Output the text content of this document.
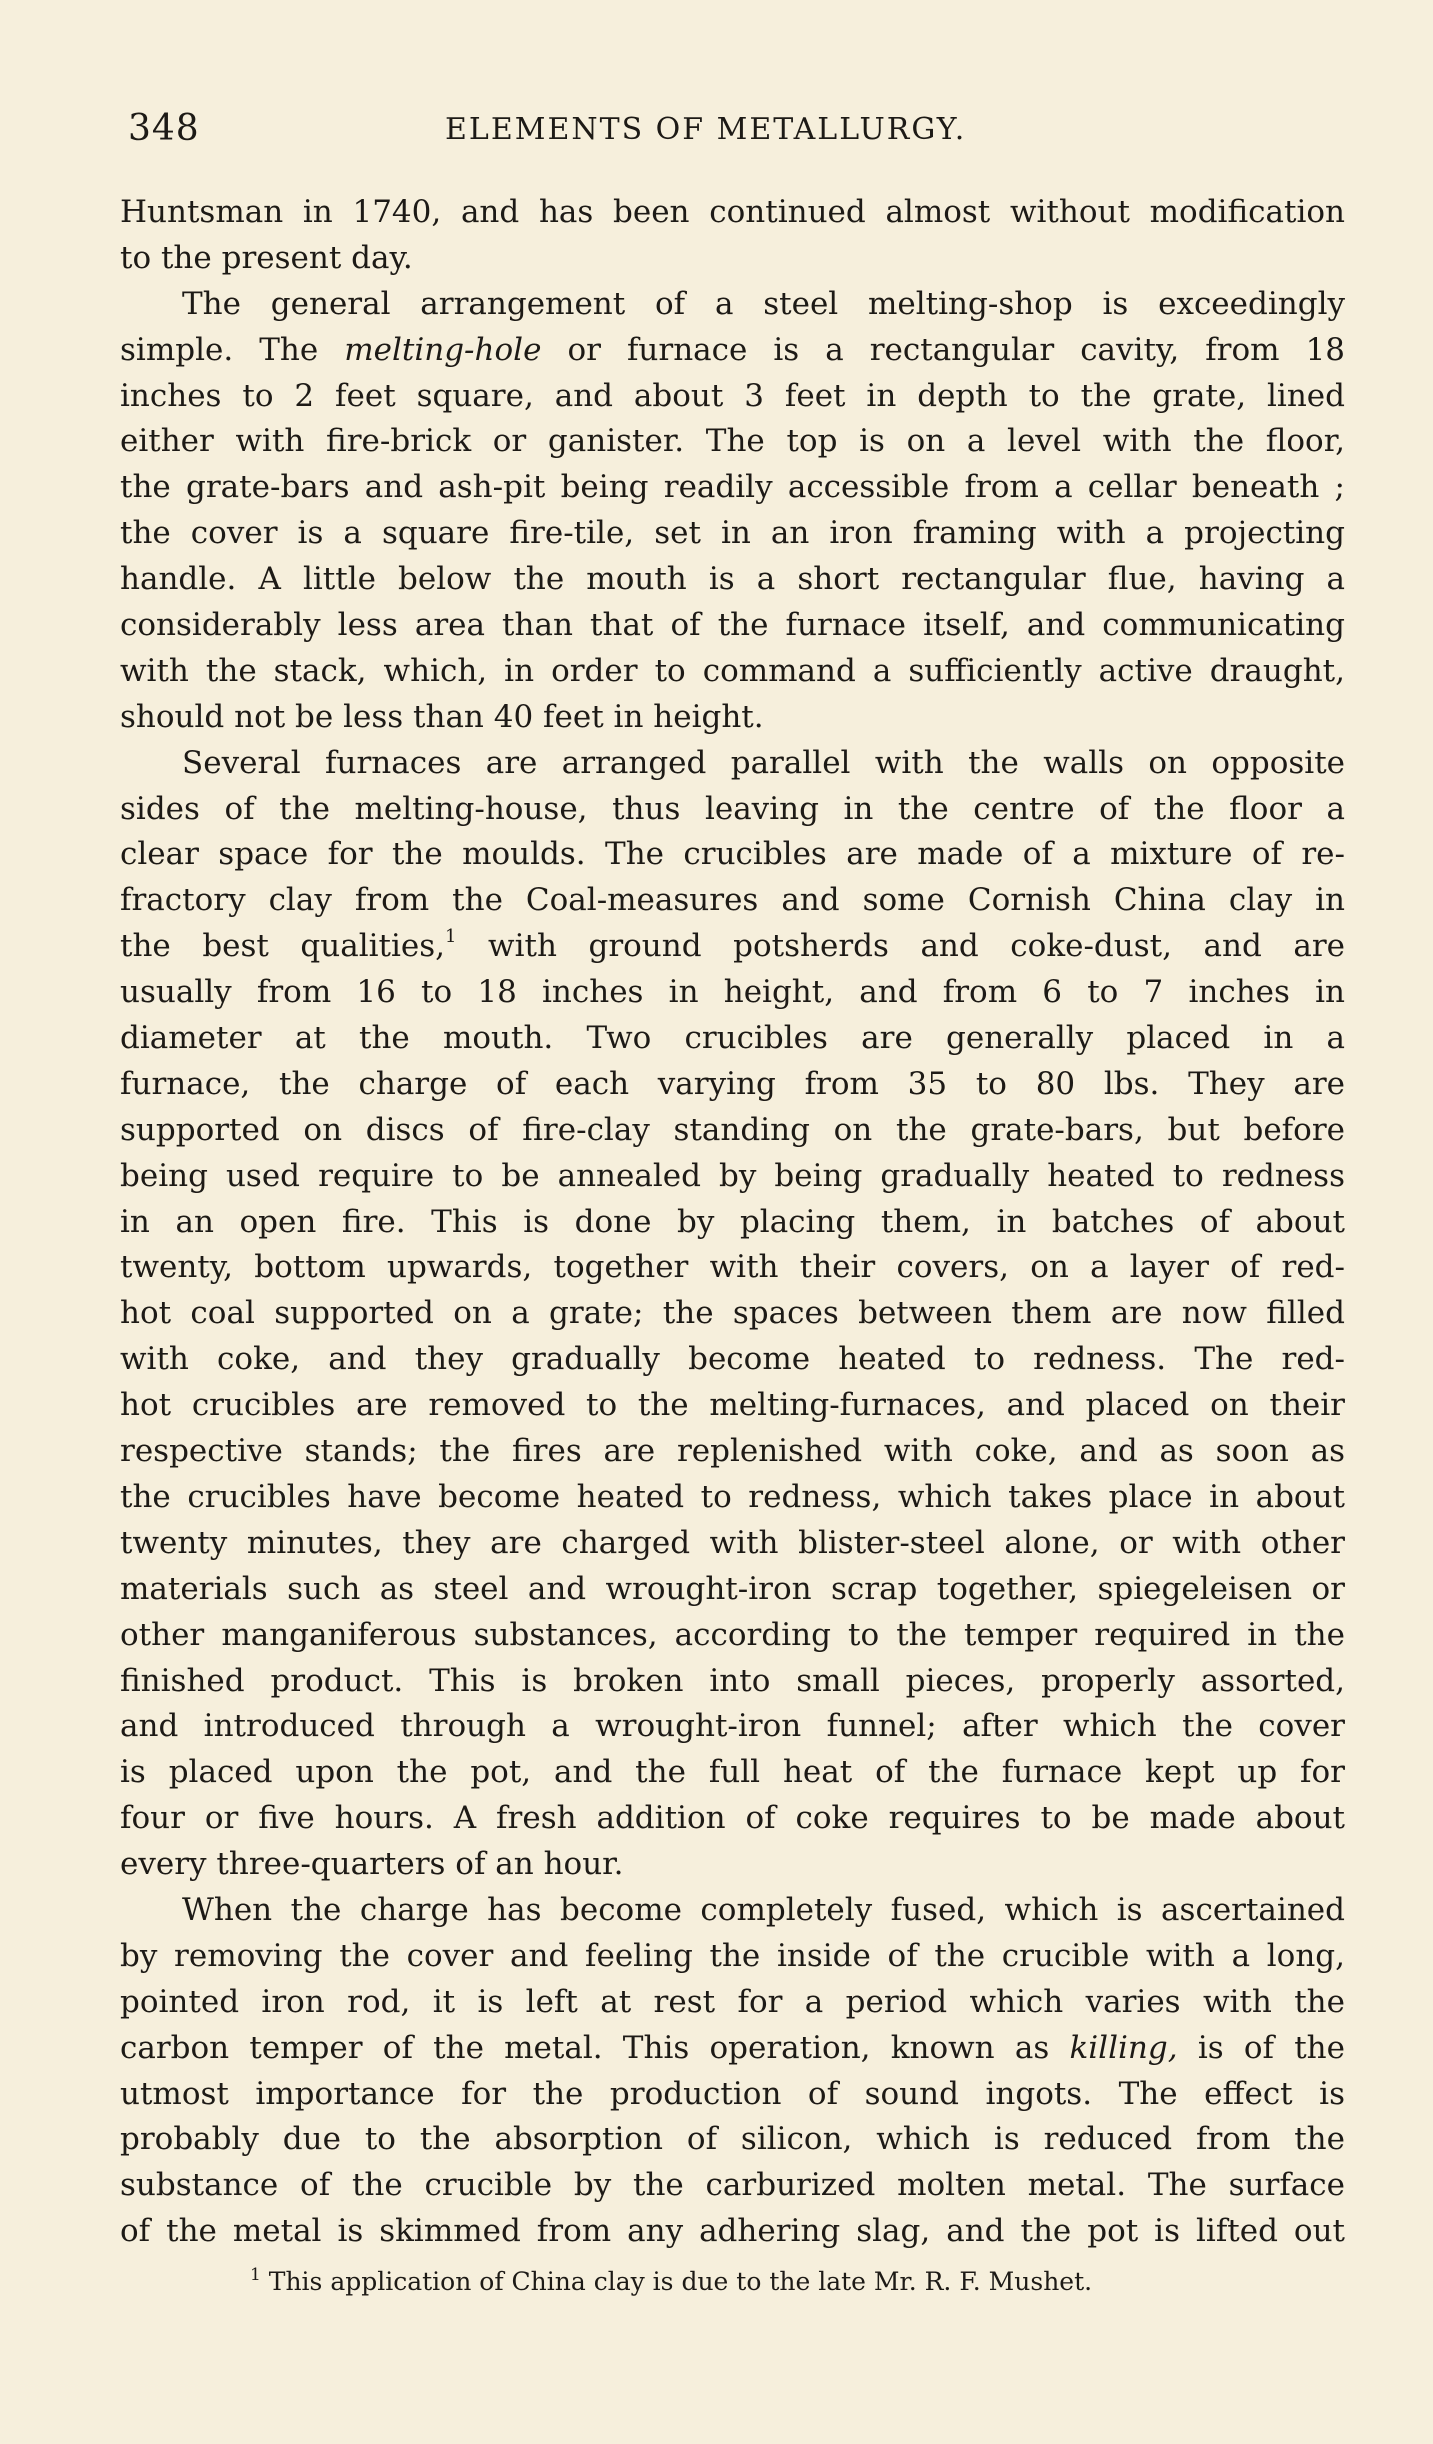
348	ELEMENTS OF METALLURGY.
Huntsman in 1740, and has been continued almost without modification
to the present day.
The general arrangement of a steel melting-shop is exceedingly
simple. The melting-hole or furnace is a rectangular cavity, from 18
inches to 2 feet square, and about 3 feet in depth to the grate, lined
either with fire-brick or ganister. The top is on a level with the floor,
the grate-bars and ash-pit being readily accessible from a cellar beneath ;
the cover is a square fire-tile, set in an iron framing with a projecting
handle. A little below the mouth is a short rectangular flue, having a
considerably less area than that of the furnace itself, and communicating
with the stack, which, in order to command a sufficiently active draught,
should not be less than 40 feet in height.
Several furnaces are arranged parallel with the walls on opposite
sides of the melting-house, thus leaving in the centre of the floor a
clear space for the moulds. The crucibles are made of a mixture of re-
fractory clay from the Coal-measures and some Cornish China clay in
the best qualities,$^1$ with ground potsherds and coke-dust, and are
usually from 16 to 18 inches in height, and from 6 to 7 inches in
diameter at the mouth. Two crucibles are generally placed in a
furnace, the charge of each varying from 35 to 80 lbs. They are
supported on discs of fire-clay standing on the grate-bars, but before
being used require to be annealed by being gradually heated to redness
in an open fire. This is done by placing them, in batches of about
twenty, bottom upwards, together with their covers, on a layer of red-
hot coal supported on a grate; the spaces between them are now filled
with coke, and they gradually become heated to redness. The red-
hot crucibles are removed to the melting-furnaces, and placed on their
respective stands; the fires are replenished with coke, and as soon as
the crucibles have become heated to redness, which takes place in about
twenty minutes, they are charged with blister-steel alone, or with other
materials such as steel and wrought-iron scrap together, spiegeleisen or
other manganiferous substances, according to the temper required in the
finished product. This is broken into small pieces, properly assorted,
and introduced through a wrought-iron funnel; after which the cover
is placed upon the pot, and the full heat of the furnace kept up for
four or five hours. A fresh addition of coke requires to be made about
every three-quarters of an hour.
When the charge has become completely fused, which is ascertained
by removing the cover and feeling the inside of the crucible with a long,
pointed iron rod, it is left at rest for a period which varies with the
carbon temper of the metal. This operation, known as killing, is of the
utmost importance for the production of sound ingots. The effect is
probably due to the absorption of silicon, which is reduced from the
substance of the crucible by the carburized molten metal. The surface
of the metal is skimmed from any adhering slag, and the pot is lifted out
$^1$ This application of China clay is due to the late Mr. R. F. Mushet.
